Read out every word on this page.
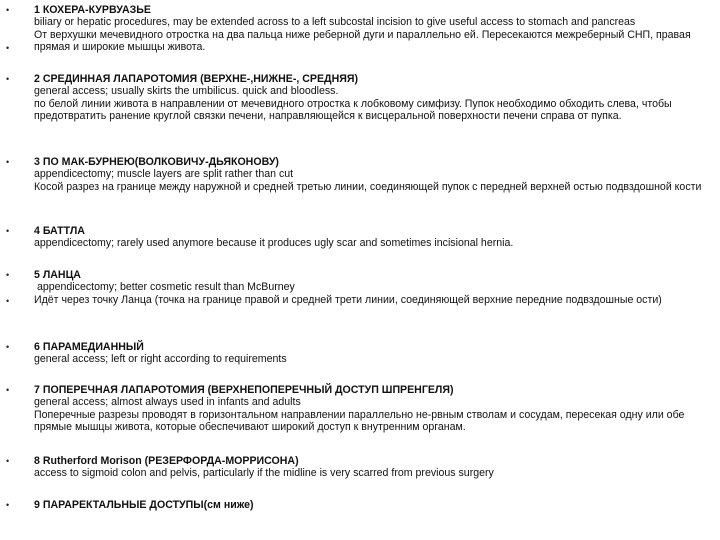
•
•
•
•
•
•
•
•
•
•
•
1 КОХЕРА-КУРВУАЗЬЕ
biliary or hepatic procedures, may be extended across to a left subcostal incision to give useful access to stomach and pancreas
От верхушки мечевидного отростка на два пальца ниже реберной дуги и параллельно ей. Пересекаются межреберный СНП, правая прямая и широкие мышцы живота.
2 СРЕДИННАЯ ЛАПАРОТОМИЯ (ВЕРХНЕ-,НИЖНЕ-, СРЕДНЯЯ)
general access; usually skirts the umbilicus. quick and bloodless.
по белой линии живота в направлении от мечевидного отростка к лобковому симфизу. Пупок необходимо обходить слева, чтобы предотвратить ранение круглой связки печени, направляющейся к висцеральной поверхности печени справа от пупка.
3 ПО МАК-БУРНЕЮ(ВОЛКОВИЧУ-ДЬЯКОНОВУ)
appendicectomy; muscle layers are split rather than cut
Косой разрез на границе между наружной и средней третью линии, соединяющей пупок с передней верхней остью подвздошной кости
4 БАТТЛА
appendicectomy; rarely used anymore because it produces ugly scar and sometimes incisional hernia.
5 ЛАНЦА
appendicectomy; better cosmetic result than McBurney
Идёт через точку Ланца (точка на границе правой и средней трети линии, соединяющей верхние передние подвздошные ости)
6 ПАРАМЕДИАННЫЙ
general access; left or right according to requirements
7 ПОПЕРЕЧНАЯ ЛАПАРОТОМИЯ (ВЕРХНЕПОПЕРЕЧНЫЙ ДОСТУП ШПРЕНГЕЛЯ)
general access; almost always used in infants and adults
Поперечные разрезы проводят в горизонтальном направлении параллельно не-рвным стволам и сосудам, пересекая одну или обе прямые мышцы живота, которые обеспечивают широкий доступ к внутренним органам.
8 Rutherford Morison (РЕЗЕРФОРДА-МОРРИСОНА)
access to sigmoid colon and pelvis, particularly if the midline is very scarred from previous surgery
9 ПАРАРЕКТАЛЬНЫЕ ДОСТУПЫ(см ниже)
